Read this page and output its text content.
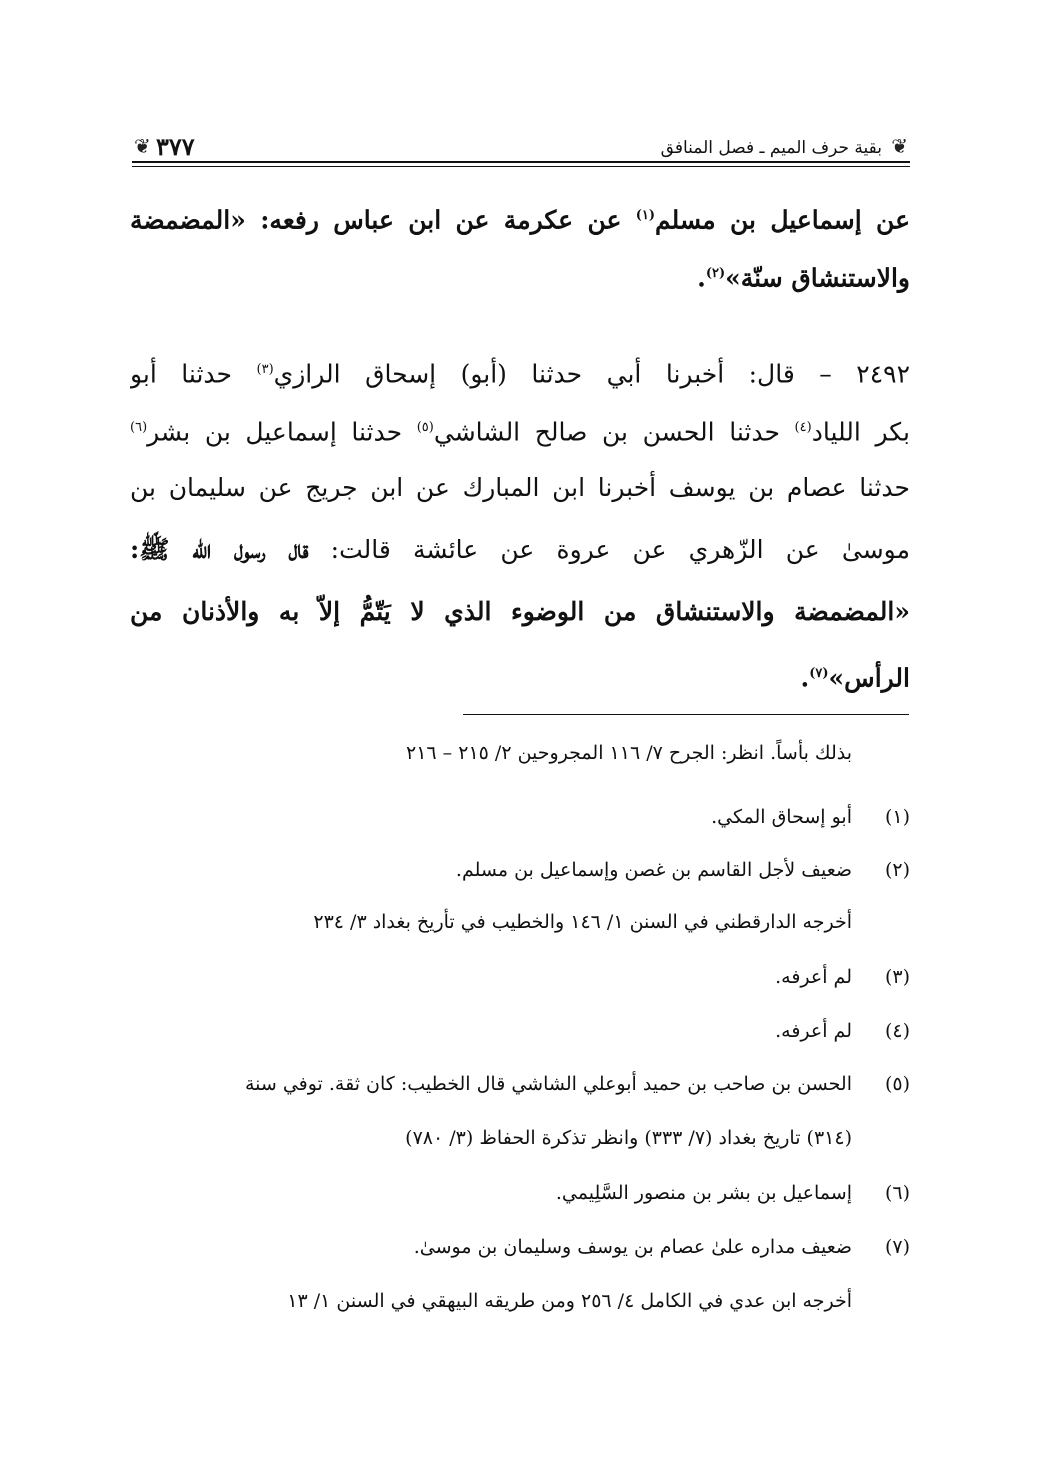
❦
بقية حرف الميم ـ فصل المنافق
٣٧٧
❦
عن إسماعيل بن مسلم$^{(١)}$ عن عكرمة عن ابن عباس رفعه: «المضمضة
والاستنشاق سنّة»$^{(٢)}$.
٢٤٩٢ – قال: أخبرنا أبي حدثنا (أبو) إسحاق الرازي$^{(٣)}$ حدثنا أبو
بكر اللياد$^{(٤)}$ حدثنا الحسن بن صالح الشاشي$^{(٥)}$ حدثنا إسماعيل بن بشر$^{(٦)}$
حدثنا عصام بن يوسف أخبرنا ابن المبارك عن ابن جريج عن سليمان بن
موسىٰ عن الزّهري عن عروة عن عائشة قالت: قال رسول الله ﷺ:
«المضمضة والاستنشاق من الوضوء الذي لا يَتّمُّ إلاّ به والأذنان من
الرأس»$^{(٧)}$.
بذلك بأساً. انظر: الجرح ٧/ ١١٦ المجروحين ٢/ ٢١٥ – ٢١٦
(١)
أبو إسحاق المكي.
(٢)
ضعيف لأجل القاسم بن غصن وإسماعيل بن مسلم.
أخرجه الدارقطني في السنن ١/ ١٤٦ والخطيب في تأريخ بغداد ٣/ ٢٣٤
(٣)
لم أعرفه.
(٤)
لم أعرفه.
(٥)
الحسن بن صاحب بن حميد أبوعلي الشاشي قال الخطيب: كان ثقة. توفي سنة
(٣١٤) تاريخ بغداد (٧/ ٣٣٣) وانظر تذكرة الحفاظ (٣/ ٧٨٠)
(٦)
إسماعيل بن بشر بن منصور السَّلِيمي.
(٧)
ضعيف مداره علىٰ عصام بن يوسف وسليمان بن موسىٰ.
أخرجه ابن عدي في الكامل ٤/ ٢٥٦ ومن طريقه البيهقي في السنن ١/ ١٣
